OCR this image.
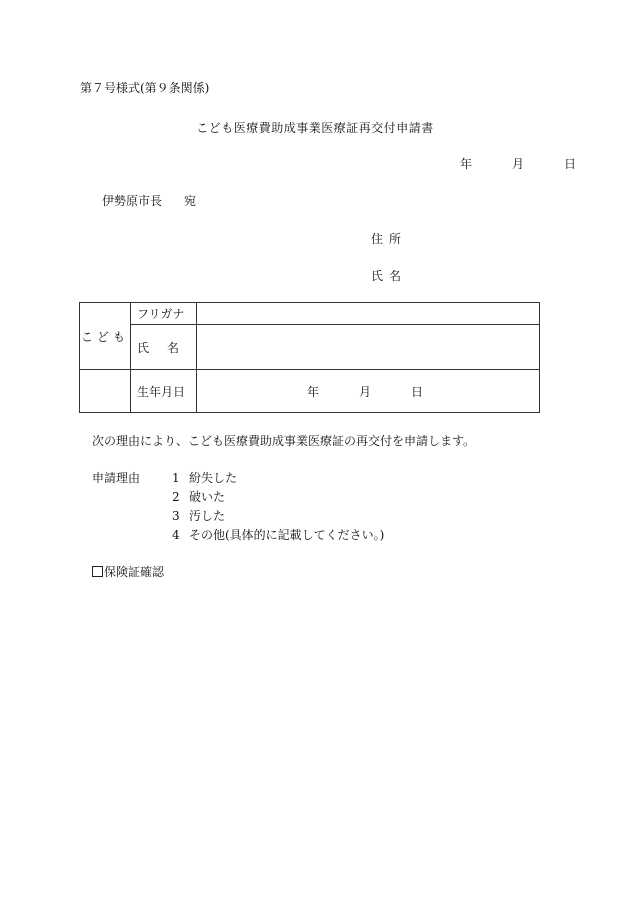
第７号様式(第９条関係)
こども医療費助成事業医療証再交付申請書
年	月	日
伊勢原市長 宛
住所
氏名
こども	フリガナ	

	氏 名	

	生年月日	年 月 日
次の理由により、こども医療費助成事業医療証の再交付を申請します。
申請理由	1 紛失した
2 破いた
3 汚した
4 その他(具体的に記載してください。)
保険証確認
